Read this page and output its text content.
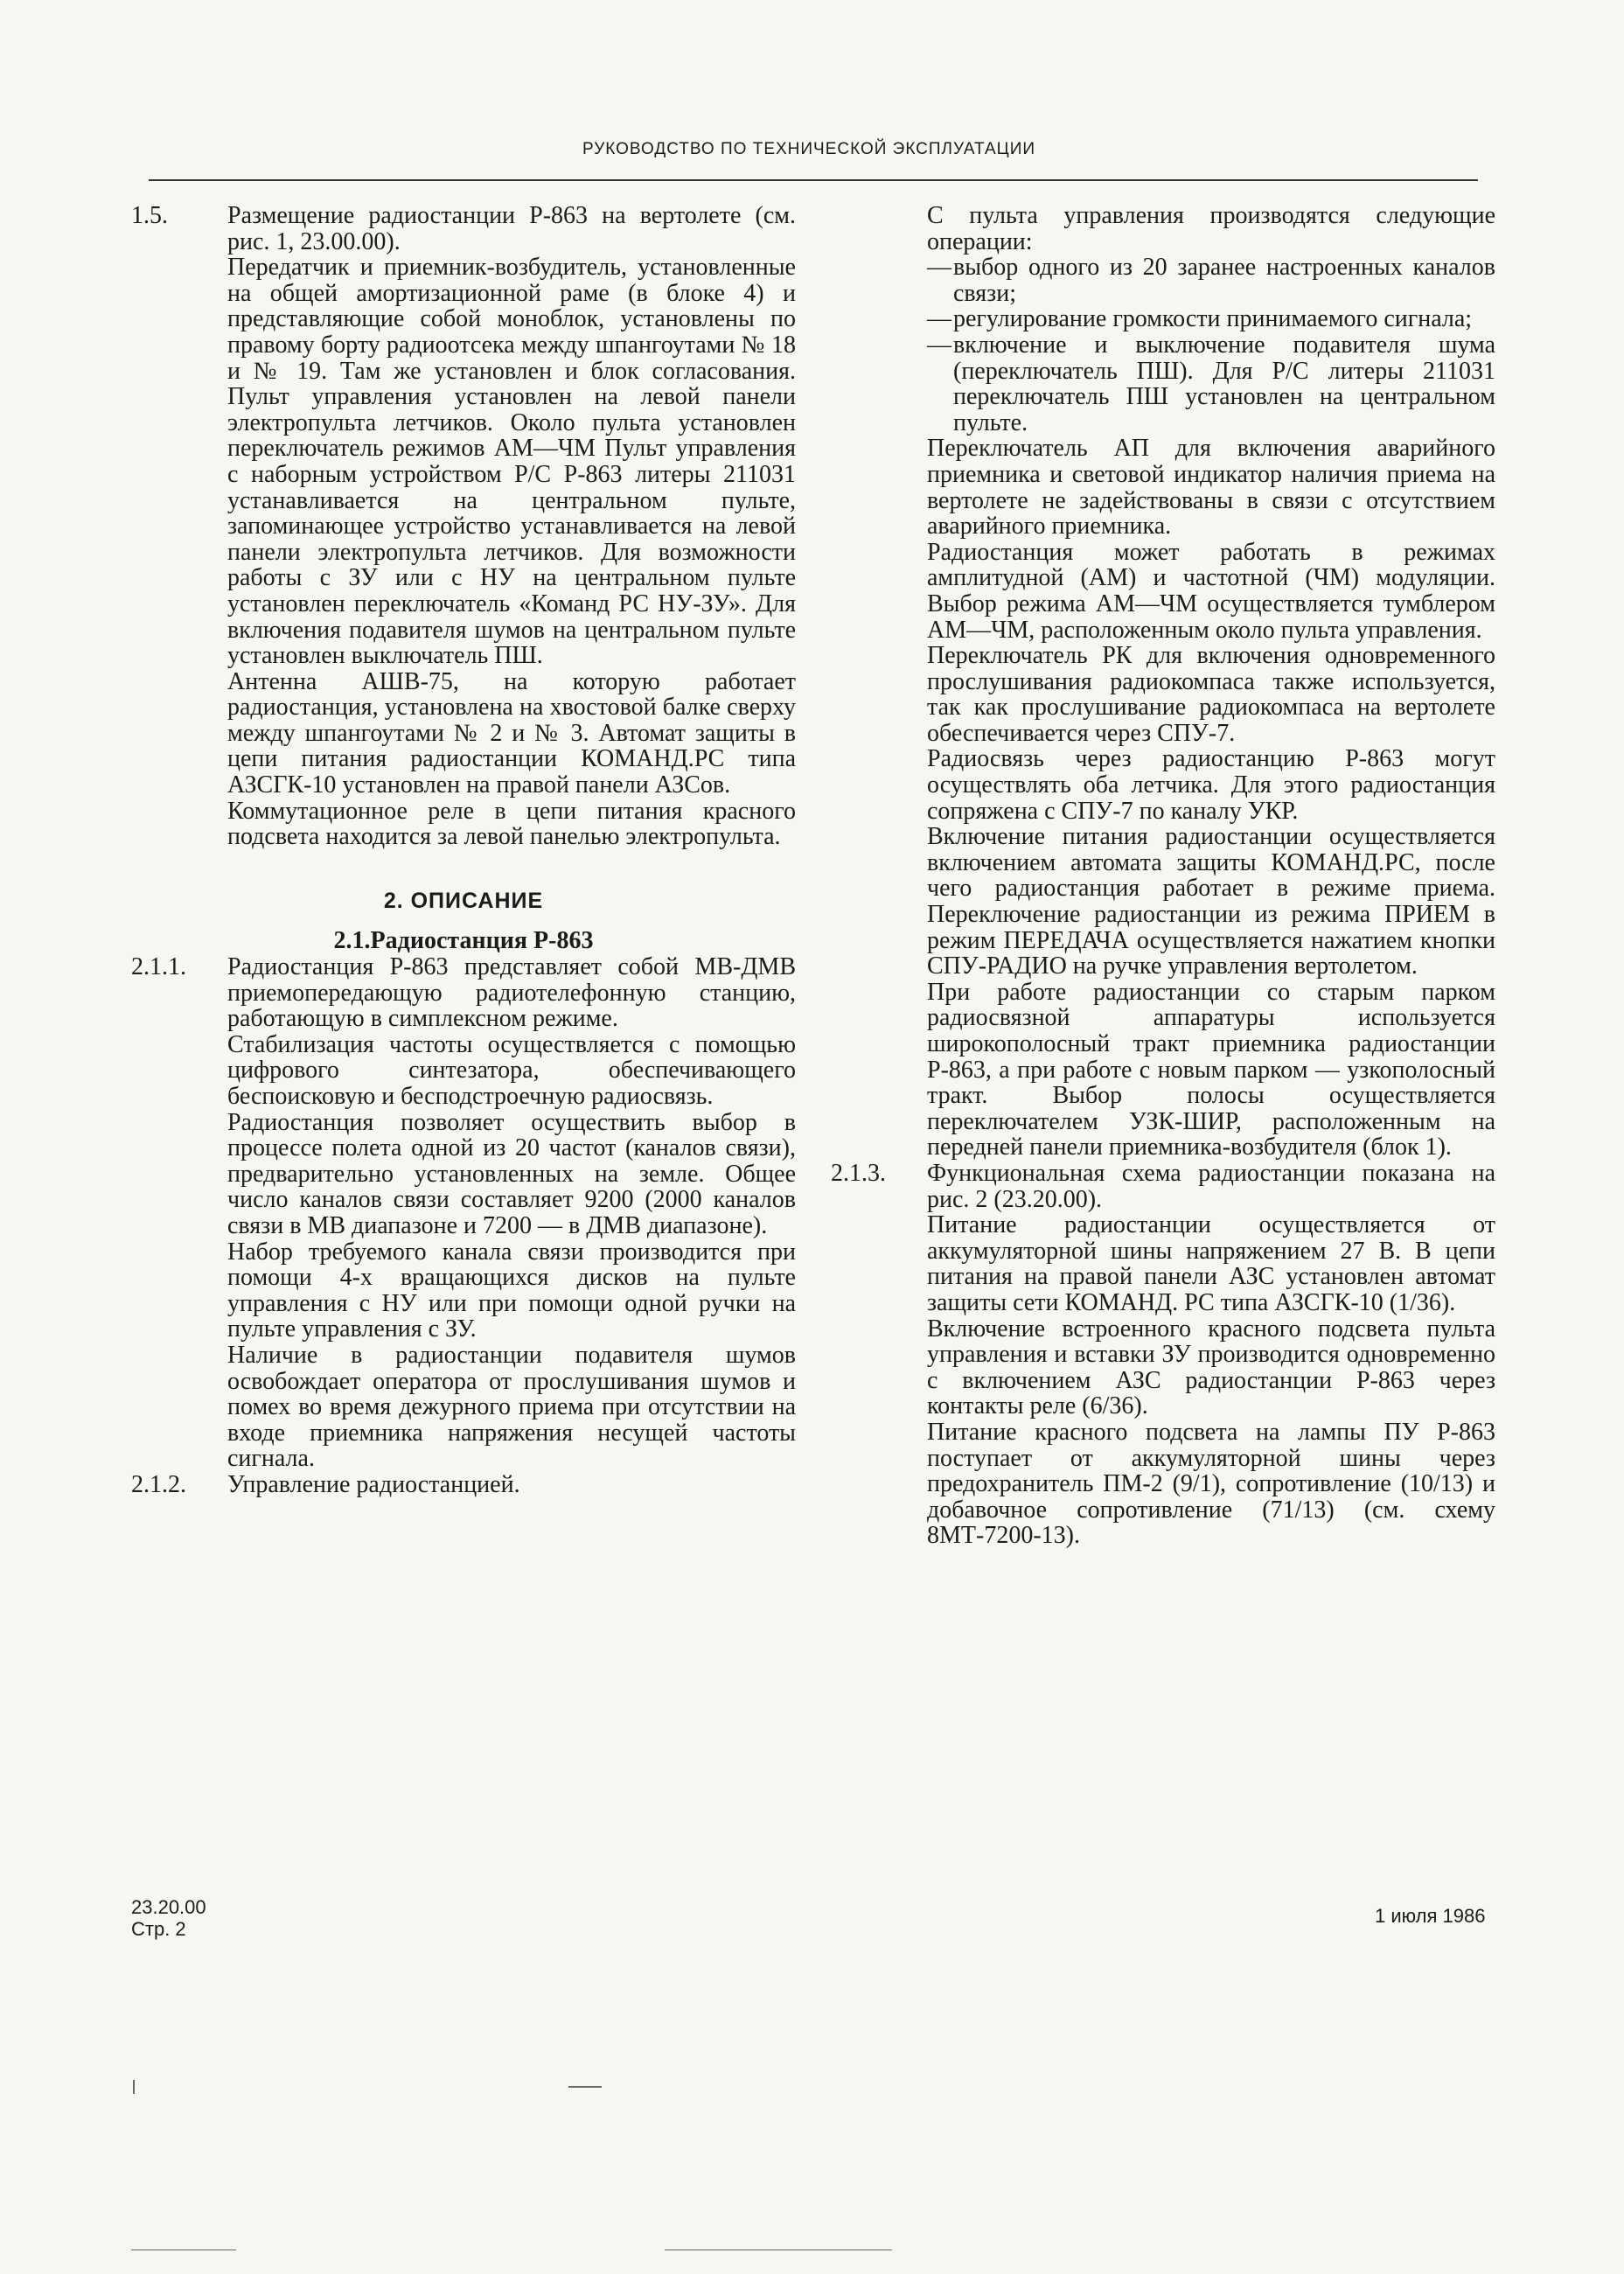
РУКОВОДСТВО ПО ТЕХНИЧЕСКОЙ ЭКСПЛУАТАЦИИ
1.5. Размещение радиостанции Р-863 на вертолете (см. рис. 1, 23.00.00).
Передатчик и приемник-возбудитель, установленные на общей амортизационной раме (в блоке 4) и представляющие собой моноблок, установлены по правому борту радиоотсека между шпангоутами № 18 и № 19. Там же установлен и блок согласования. Пульт управления установлен на левой панели электропульта летчиков. Около пульта установлен переключатель режимов АМ—ЧМ Пульт управления с наборным устройством Р/С Р-863 литеры 211031 устанавливается на центральном пульте, запоминающее устройство устанавливается на левой панели электропульта летчиков. Для возможности работы с ЗУ или с НУ на центральном пульте установлен переключатель «Команд РС НУ-ЗУ». Для включения подавителя шумов на центральном пульте установлен выключатель ПШ.
Антенна АШВ-75, на которую работает радиостанция, установлена на хвостовой балке сверху между шпангоутами № 2 и № 3. Автомат защиты в цепи питания радиостанции КОМАНД.РС типа АЗСГК-10 установлен на правой панели АЗСов.
Коммутационное реле в цепи питания красного подсвета находится за левой панелью электропульта.
2. ОПИСАНИЕ
2.1.Радиостанция Р-863
2.1.1. Радиостанция Р-863 представляет собой МВ-ДМВ приемопередающую радиотелефонную станцию, работающую в симплексном режиме.
Стабилизация частоты осуществляется с помощью цифрового синтезатора, обеспечивающего беспоисковую и бесподстроечную радиосвязь.
Радиостанция позволяет осуществить выбор в процессе полета одной из 20 частот (каналов связи), предварительно установленных на земле. Общее число каналов связи составляет 9200 (2000 каналов связи в МВ диапазоне и 7200 — в ДМВ диапазоне).
Набор требуемого канала связи производится при помощи 4-х вращающихся дисков на пульте управления с НУ или при помощи одной ручки на пульте управления с ЗУ.
Наличие в радиостанции подавителя шумов освобождает оператора от прослушивания шумов и помех во время дежурного приема при отсутствии на входе приемника напряжения несущей частоты сигнала.
2.1.2. Управление радиостанцией.
С пульта управления производятся следующие операции:
— выбор одного из 20 заранее настроенных каналов связи;
— регулирование громкости принимаемого сигнала;
— включение и выключение подавителя шума (переключатель ПШ). Для Р/С литеры 211031 переключатель ПШ установлен на центральном пульте.
Переключатель АП для включения аварийного приемника и световой индикатор наличия приема на вертолете не задействованы в связи с отсутствием аварийного приемника.
Радиостанция может работать в режимах амплитудной (АМ) и частотной (ЧМ) модуляции. Выбор режима АМ—ЧМ осуществляется тумблером АМ—ЧМ, расположенным около пульта управления.
Переключатель РК для включения одновременного прослушивания радиокомпаса также используется, так как прослушивание радиокомпаса на вертолете обеспечивается через СПУ-7.
Радиосвязь через радиостанцию Р-863 могут осуществлять оба летчика. Для этого радиостанция сопряжена с СПУ-7 по каналу УКР.
Включение питания радиостанции осуществляется включением автомата защиты КОМАНД.РС, после чего радиостанция работает в режиме приема. Переключение радиостанции из режима ПРИЕМ в режим ПЕРЕДАЧА осуществляется нажатием кнопки СПУ-РАДИО на ручке управления вертолетом.
При работе радиостанции со старым парком радиосвязной аппаратуры используется широкополосный тракт приемника радиостанции Р-863, а при работе с новым парком — узкополосный тракт. Выбор полосы осуществляется переключателем УЗК-ШИР, расположенным на передней панели приемника-возбудителя (блок 1).
2.1.3. Функциональная схема радиостанции показана на рис. 2 (23.20.00).
Питание радиостанции осуществляется от аккумуляторной шины напряжением 27 В. В цепи питания на правой панели АЗС установлен автомат защиты сети КОМАНД. РС типа АЗСГК-10 (1/36).
Включение встроенного красного подсвета пульта управления и вставки ЗУ производится одновременно с включением АЗС радиостанции Р-863 через контакты реле (6/36).
Питание красного подсвета на лампы ПУ Р-863 поступает от аккумуляторной шины через предохранитель ПМ-2 (9/1), сопротивление (10/13) и добавочное сопротивление (71/13) (см. схему 8МТ-7200-13).
23.20.00
Стр. 2
1 июля 1986
